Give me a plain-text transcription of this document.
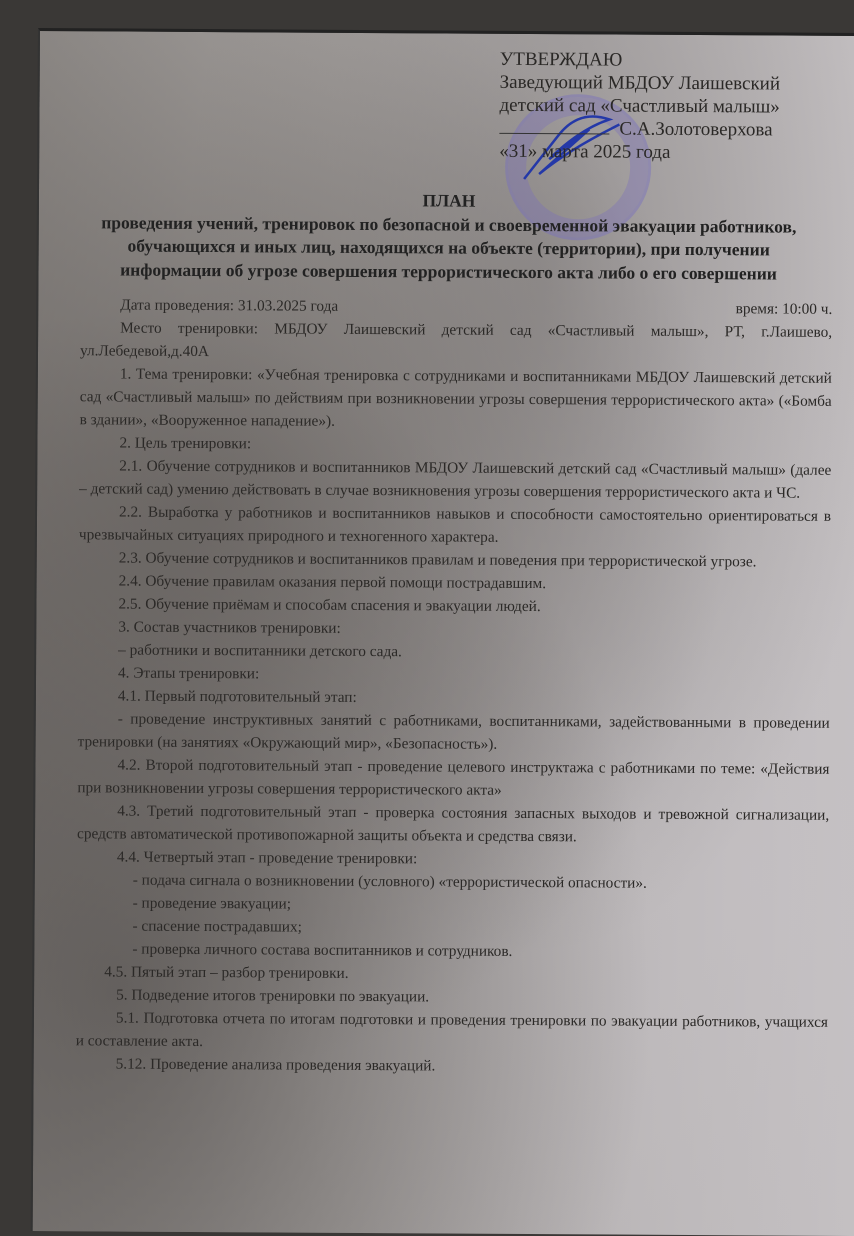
УТВЕРЖДАЮ
Заведующий МБДОУ Лаишевский
детский сад «Счастливый малыш»
С.А.Золотоверхова
«31» марта 2025 года
ПЛАН
проведения учений, тренировок по безопасной и своевременной эвакуации работников, обучающихся и иных лиц, находящихся на объекте (территории), при получении информации об угрозе совершения террористического акта либо о его совершении
Дата проведения: 31.03.2025 года	время: 10:00 ч.

Место тренировки: МБДОУ Лаишевский детский сад «Счастливый малыш», РТ, г.Лаишево, ул.Лебедевой,д.40А

1. Тема тренировки: «Учебная тренировка с сотрудниками и воспитанниками МБДОУ Лаишевский детский сад «Счастливый малыш» по действиям при возникновении угрозы совершения террористического акта» («Бомба в здании», «Вооруженное нападение»).

2. Цель тренировки:

2.1. Обучение сотрудников и воспитанников МБДОУ Лаишевский детский сад «Счастливый малыш» (далее – детский сад) умению действовать в случае возникновения угрозы совершения террористического акта и ЧС.

2.2. Выработка у работников и воспитанников навыков и способности самостоятельно ориентироваться в чрезвычайных ситуациях природного и техногенного характера.

2.3. Обучение сотрудников и воспитанников правилам и поведения при террористической угрозе.

2.4. Обучение правилам оказания первой помощи пострадавшим.

2.5. Обучение приёмам и способам спасения и эвакуации людей.

3. Состав участников тренировки:

– работники и воспитанники детского сада.

4. Этапы тренировки:

4.1. Первый подготовительный этап:

- проведение инструктивных занятий с работниками, воспитанниками, задействованными в проведении тренировки (на занятиях «Окружающий мир», «Безопасность»).

4.2. Второй подготовительный этап - проведение целевого инструктажа с работниками по теме: «Действия при возникновении угрозы совершения террористического акта»

4.3. Третий подготовительный этап - проверка состояния запасных выходов и тревожной сигнализации, средств автоматической противопожарной защиты объекта и средства связи.

4.4. Четвертый этап - проведение тренировки:

- подача сигнала о возникновении (условного) «террористической опасности».

- проведение эвакуации;

- спасение пострадавших;

- проверка личного состава воспитанников и сотрудников.

4.5. Пятый этап – разбор тренировки.

5. Подведение итогов тренировки по эвакуации.

5.1. Подготовка отчета по итогам подготовки и проведения тренировки по эвакуации работников, учащихся и составление акта.

5.12. Проведение анализа проведения эвакуаций.
